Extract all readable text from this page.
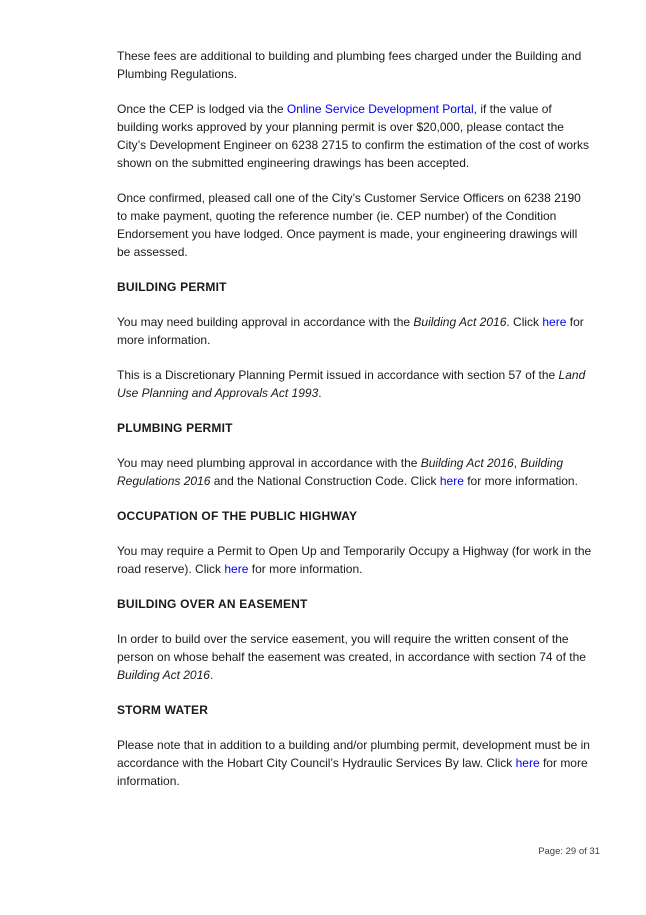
These fees are additional to building and plumbing fees charged under the Building and Plumbing Regulations.

Once the CEP is lodged via the Online Service Development Portal, if the value of building works approved by your planning permit is over $20,000, please contact the City’s Development Engineer on 6238 2715 to confirm the estimation of the cost of works shown on the submitted engineering drawings has been accepted.

Once confirmed, pleased call one of the City’s Customer Service Officers on 6238 2190 to make payment, quoting the reference number (ie. CEP number) of the Condition Endorsement you have lodged. Once payment is made, your engineering drawings will be assessed.

BUILDING PERMIT

You may need building approval in accordance with the Building Act 2016. Click here for more information.

This is a Discretionary Planning Permit issued in accordance with section 57 of the Land Use Planning and Approvals Act 1993.

PLUMBING PERMIT

You may need plumbing approval in accordance with the Building Act 2016, Building Regulations 2016 and the National Construction Code. Click here for more information.

OCCUPATION OF THE PUBLIC HIGHWAY

You may require a Permit to Open Up and Temporarily Occupy a Highway (for work in the road reserve). Click here for more information.

BUILDING OVER AN EASEMENT

In order to build over the service easement, you will require the written consent of the person on whose behalf the easement was created, in accordance with section 74 of the Building Act 2016.

STORM WATER

Please note that in addition to a building and/or plumbing permit, development must be in accordance with the Hobart City Council’s Hydraulic Services By law. Click here for more information.

Page: 29 of 31
